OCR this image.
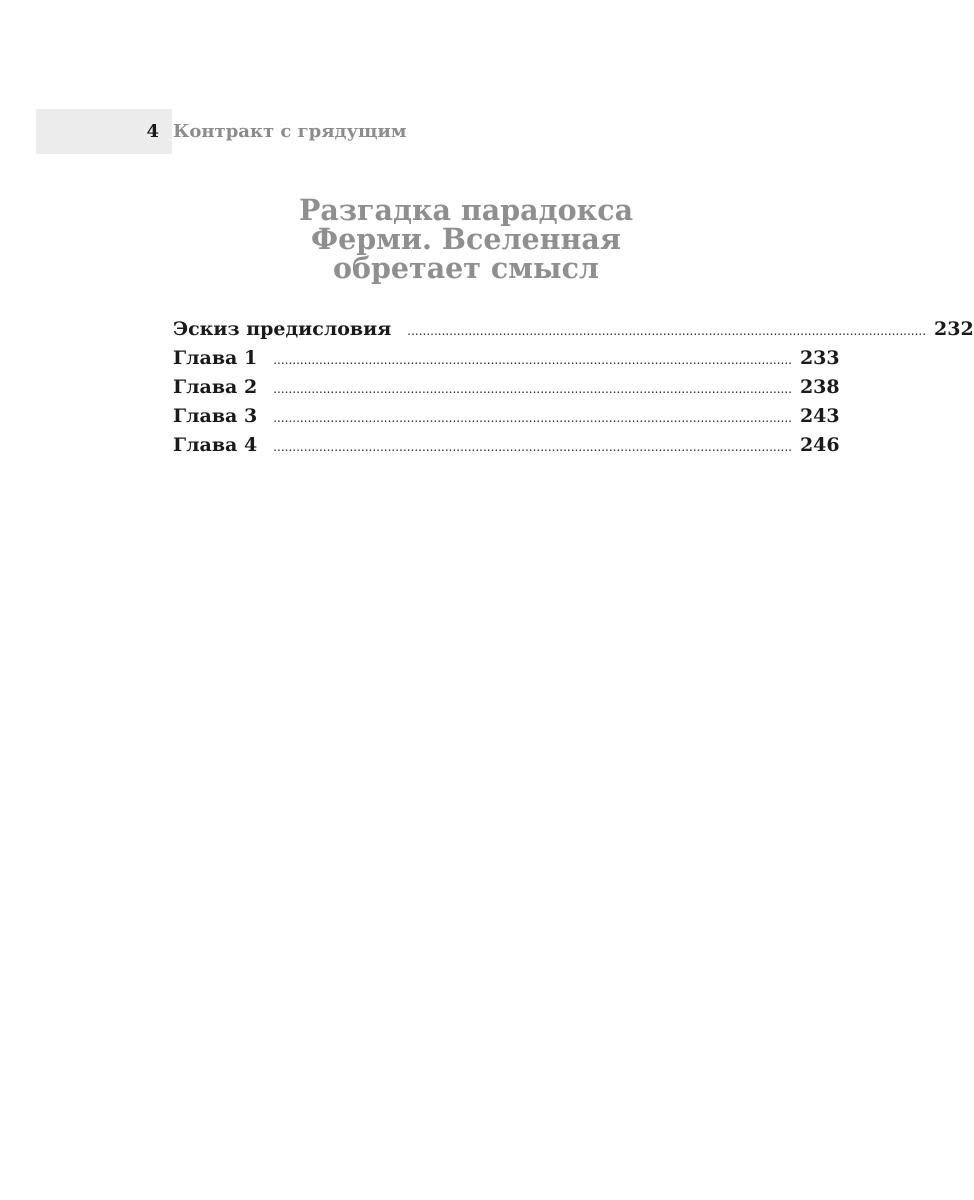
4 Контракт с грядущим
Разгадка парадокса
Ферми. Вселенная
обретает смысл
Эскиз предисловия	........................................................................................................................................ 232
Глава 1	........................................................................................................................................ 233
Глава 2	........................................................................................................................................ 238
Глава 3	........................................................................................................................................ 243
Глава 4	........................................................................................................................................ 246
